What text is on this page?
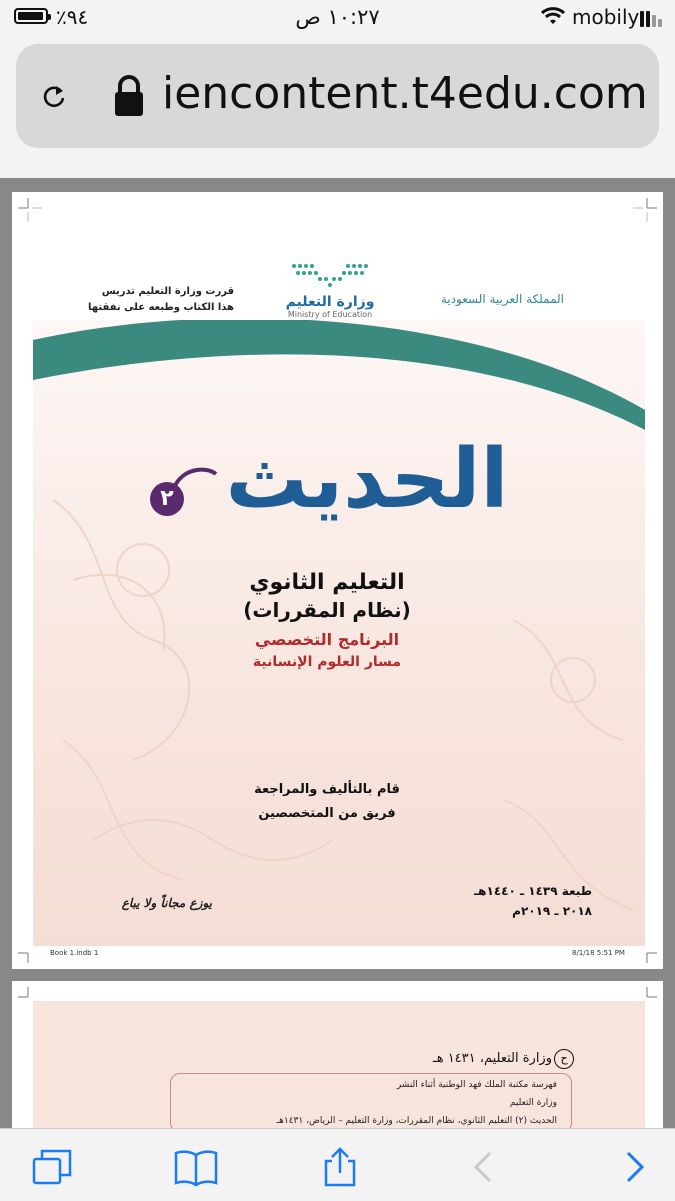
٪٩٤	١٠:٢٧ ص	mobily
iencontent.t4edu.com
قررت وزارة التعليم تدريس
هذا الكتاب وطبعه على نفقتها	وزارة التعليم
Ministry of Education
المملكة العربية السعودية
الحديث
٢
التعليم الثانوي
(نظام المقررات)
البرنامج التخصصي
مسار العلوم الإنسانية
قام بالتأليف والمراجعة
فريق من المتخصصين
طبعة ١٤٣٩ ـ ١٤٤٠هـ
٢٠١٨ ـ ٢٠١٩م
يوزع مجاناً ولا يباع
Book 1.indb 1	8/1/18 5:51 PM
ح
وزارة التعليم، ١٤٣١ هـ
فهرسة مكتبة الملك فهد الوطنية أثناء النشر
وزارة التعليم
الحديث (٢) التعليم الثانوي، نظام المقررات، وزارة التعليم – الرياض، ١٤٣١هـ
